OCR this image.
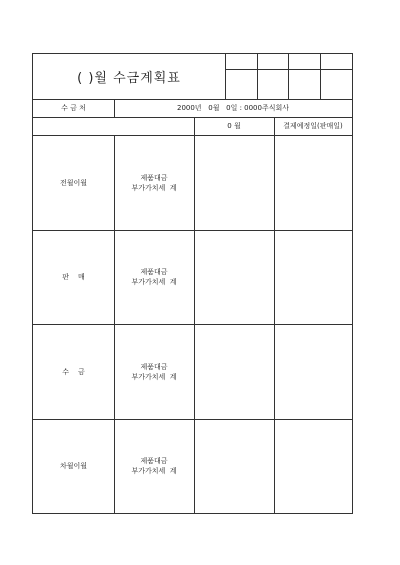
( )월 수금계획표
수 금 처	2000년   0월   0일 : 0000주식회사
0 월	결제예정일(판매일)
전월이월
제품대금
부가가치세  계
판    매
제품대금
부가가치세  계
수    금
제품대금
부가가치세  계
차월이월
제품대금
부가가치세  계
